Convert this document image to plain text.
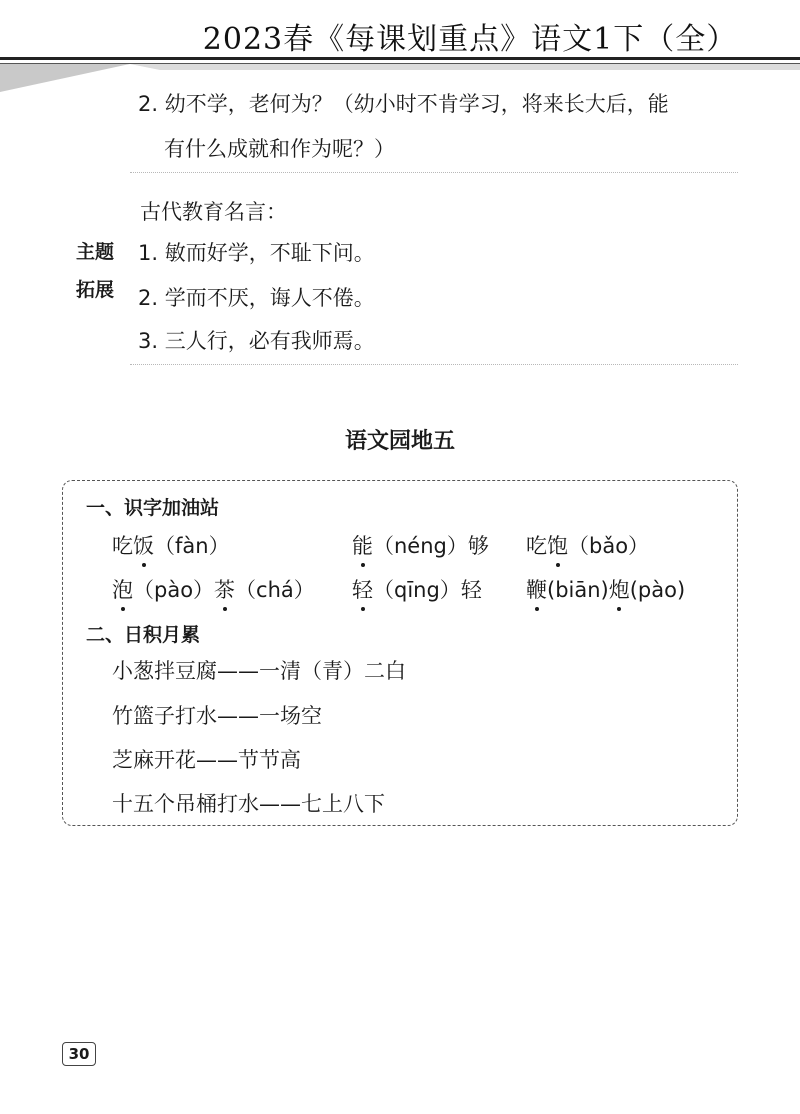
2023春《每课划重点》语文1下（全）
2. 幼不学，老何为？（幼小时不肯学习，将来长大后，能
有什么成就和作为呢？）
古代教育名言：
主题
拓展
1. 敏而好学，不耻下问。
2. 学而不厌，诲人不倦。
3. 三人行，必有我师焉。
语文园地五
一、识字加油站
吃饭（fàn）	能（néng）够 吃饱（bǎo）
泡（pào）茶（chá） 轻（qīng）轻 鞭(biān)炮(pào)
二、日积月累
小葱拌豆腐——一清（青）二白
竹篮子打水——一场空
芝麻开花——节节高
十五个吊桶打水——七上八下
30
